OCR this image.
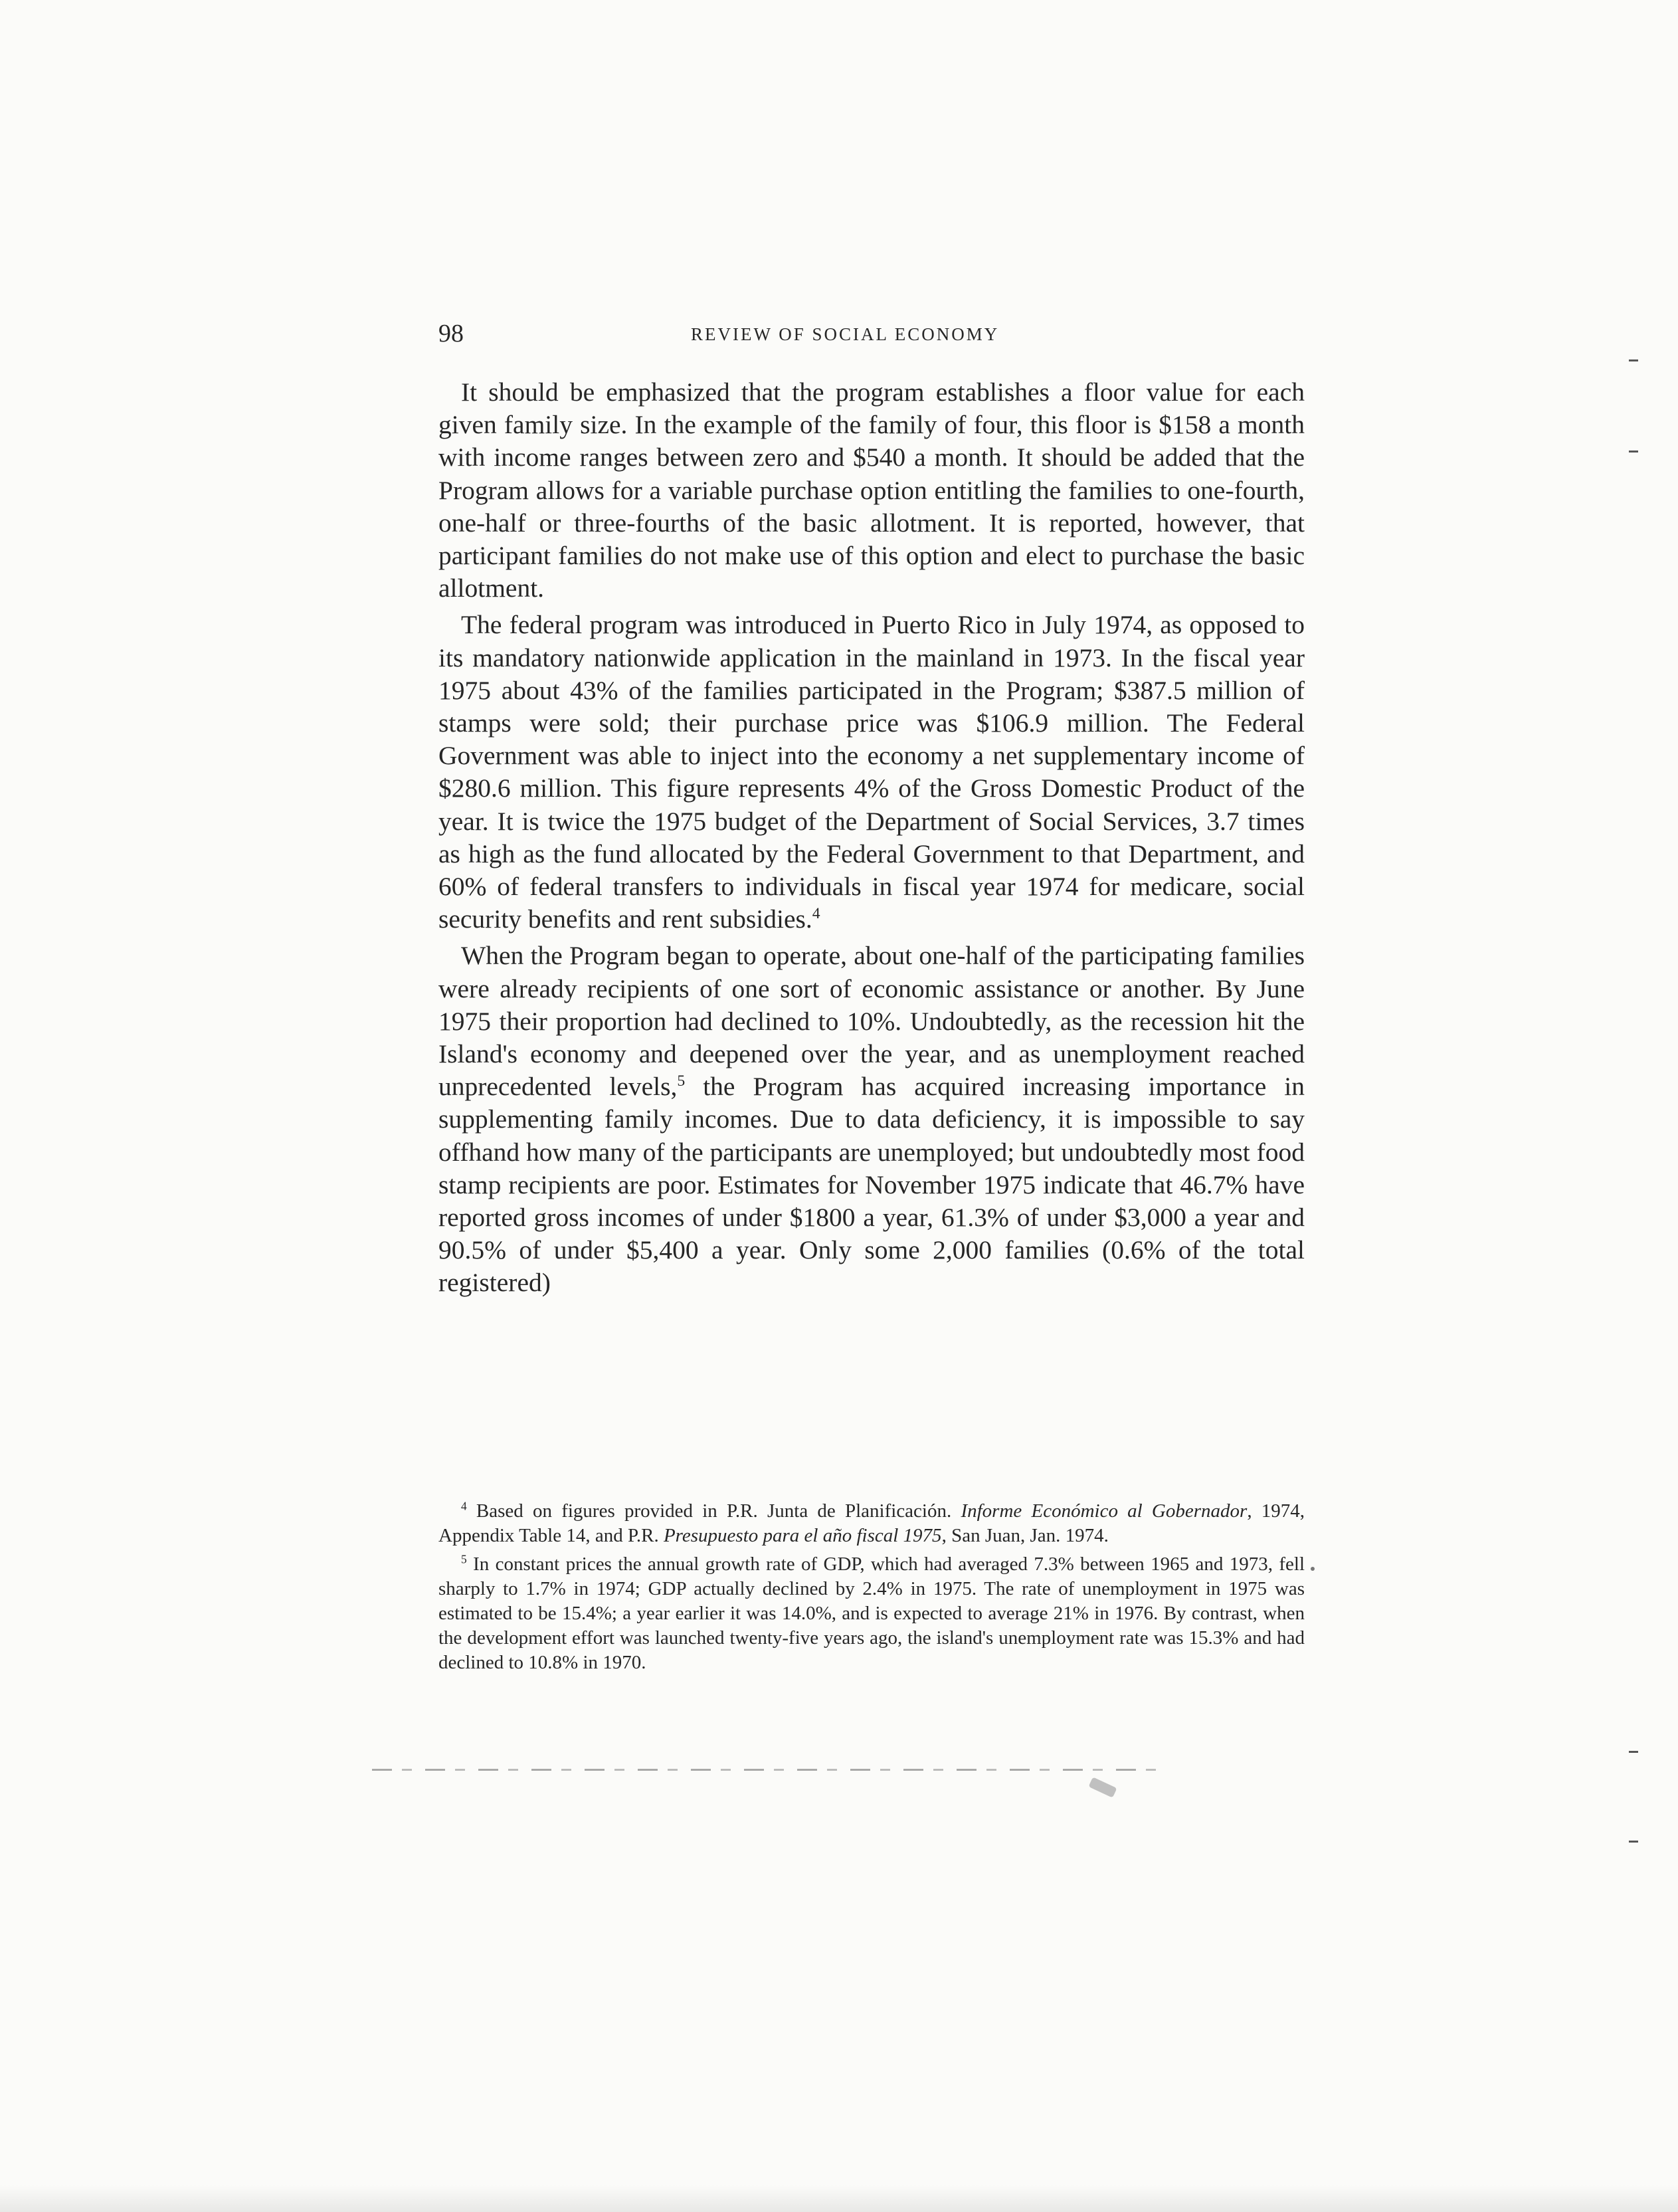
98	REVIEW OF SOCIAL ECONOMY

It should be emphasized that the program establishes a floor value for each given family size. In the example of the family of four, this floor is $158 a month with income ranges between zero and $540 a month. It should be added that the Program allows for a variable purchase option entitling the families to one-fourth, one-half or three-fourths of the basic allotment. It is reported, however, that participant families do not make use of this option and elect to purchase the basic allotment.

The federal program was introduced in Puerto Rico in July 1974, as opposed to its mandatory nationwide application in the mainland in 1973. In the fiscal year 1975 about 43% of the families participated in the Program; $387.5 million of stamps were sold; their purchase price was $106.9 million. The Federal Government was able to inject into the economy a net supplementary income of $280.6 million. This figure represents 4% of the Gross Domestic Product of the year. It is twice the 1975 budget of the Department of Social Services, 3.7 times as high as the fund allocated by the Federal Government to that Department, and 60% of federal transfers to individuals in fiscal year 1974 for medicare, social security benefits and rent subsidies.$^4$

When the Program began to operate, about one-half of the participating families were already recipients of one sort of economic assistance or another. By June 1975 their proportion had declined to 10%. Undoubtedly, as the recession hit the Island's economy and deepened over the year, and as unemployment reached unprecedented levels,$^5$ the Program has acquired increasing importance in supplementing family incomes. Due to data deficiency, it is impossible to say offhand how many of the participants are unemployed; but undoubtedly most food stamp recipients are poor. Estimates for November 1975 indicate that 46.7% have reported gross incomes of under $1800 a year, 61.3% of under $3,000 a year and 90.5% of under $5,400 a year. Only some 2,000 families (0.6% of the total registered)

$^4$ Based on figures provided in P.R. Junta de Planificación. Informe Económico al Gobernador, 1974, Appendix Table 14, and P.R. Presupuesto para el año fiscal 1975, San Juan, Jan. 1974.

$^5$ In constant prices the annual growth rate of GDP, which had averaged 7.3% between 1965 and 1973, fell sharply to 1.7% in 1974; GDP actually declined by 2.4% in 1975. The rate of unemployment in 1975 was estimated to be 15.4%; a year earlier it was 14.0%, and is expected to average 21% in 1976. By contrast, when the development effort was launched twenty-five years ago, the island's unemployment rate was 15.3% and had declined to 10.8% in 1970.
